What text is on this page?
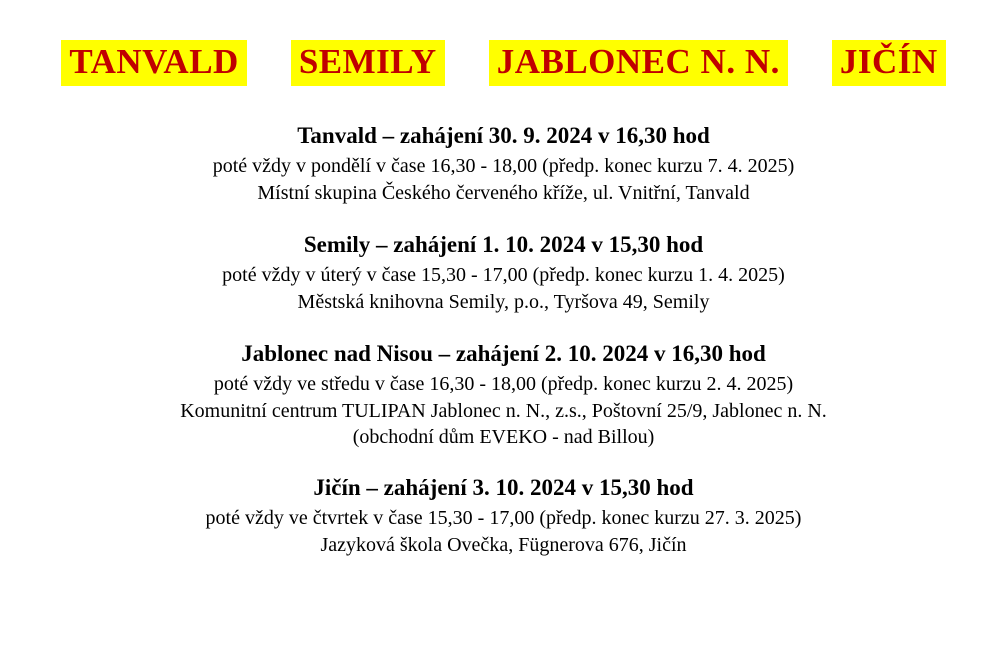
TANVALD SEMILY JABLONEC N. N. JIČÍN
Tanvald – zahájení 30. 9. 2024 v 16,30 hod
poté vždy v pondělí v čase 16,30 - 18,00 (předp. konec kurzu 7. 4. 2025)
Místní skupina Českého červeného kříže, ul. Vnitřní, Tanvald
Semily – zahájení 1. 10. 2024 v 15,30 hod
poté vždy v úterý v čase 15,30 - 17,00 (předp. konec kurzu 1. 4. 2025)
Městská knihovna Semily, p.o., Tyršova 49, Semily
Jablonec nad Nisou – zahájení 2. 10. 2024 v 16,30 hod
poté vždy ve středu v čase 16,30 - 18,00 (předp. konec kurzu 2. 4. 2025)
Komunitní centrum TULIPAN Jablonec n. N., z.s., Poštovní 25/9, Jablonec n. N.
(obchodní dům EVEKO - nad Billou)
Jičín – zahájení 3. 10. 2024 v 15,30 hod
poté vždy ve čtvrtek v čase 15,30 - 17,00 (předp. konec kurzu 27. 3. 2025)
Jazyková škola Ovečka, Fügnerova 676, Jičín
